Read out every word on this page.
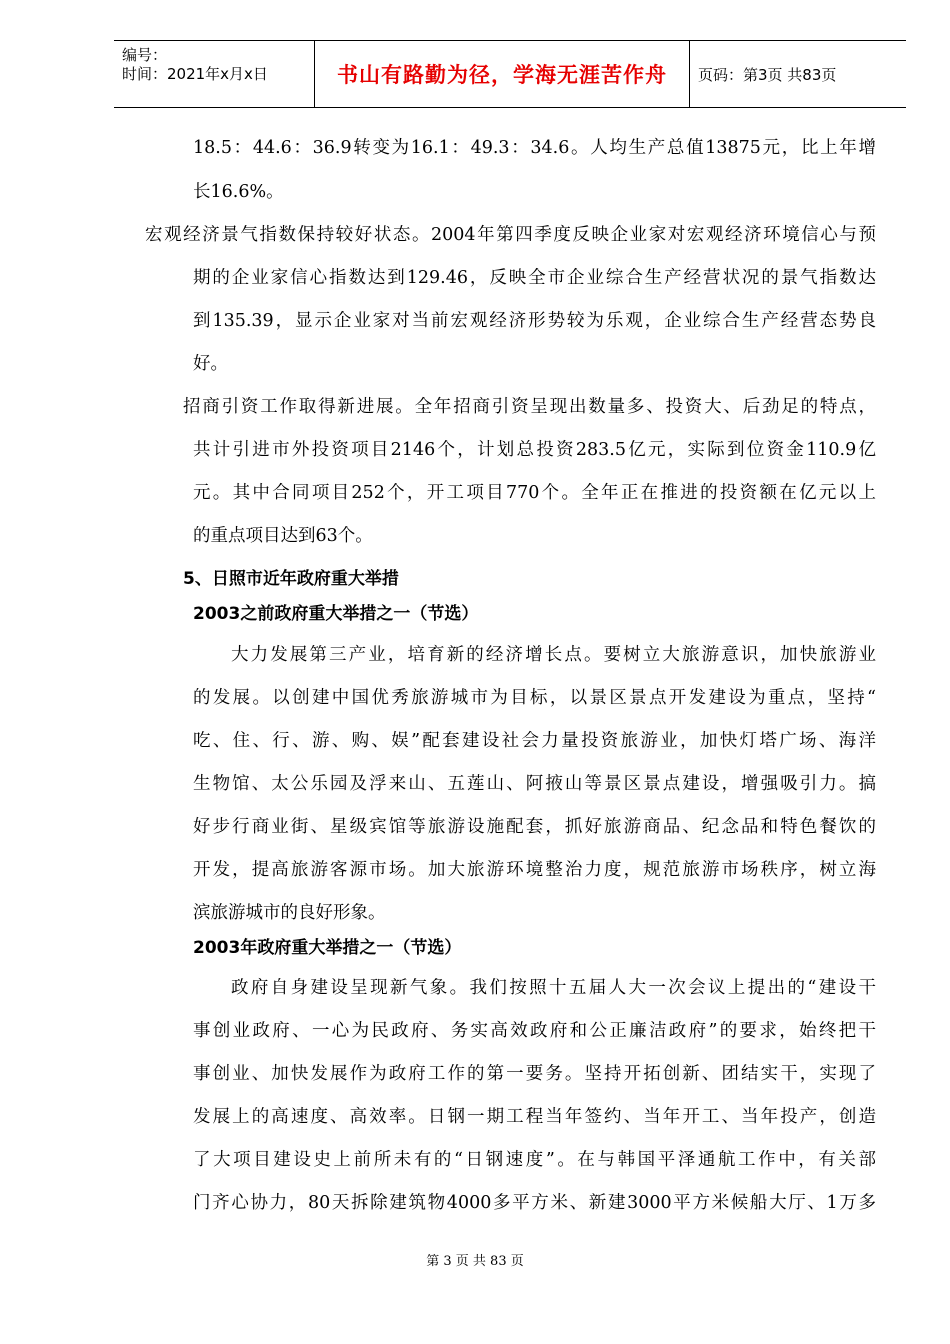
编号：
时间：2021年x月x日	书山有路勤为径，学海无涯苦作舟 页码：第3页 共83页
18.5：44.6：36.9转变为16.1：49.3：34.6。人均生产总值13875元，比上年增
长16.6%。
宏观经济景气指数保持较好状态。2004年第四季度反映企业家对宏观经济环境信心与预
期的企业家信心指数达到129.46，反映全市企业综合生产经营状况的景气指数达
到135.39，显示企业家对当前宏观经济形势较为乐观，企业综合生产经营态势良
好。
招商引资工作取得新进展。全年招商引资呈现出数量多、投资大、后劲足的特点，
共计引进市外投资项目2146个，计划总投资283.5亿元，实际到位资金110.9亿
元。其中合同项目252个，开工项目770个。全年正在推进的投资额在亿元以上
的重点项目达到63个。
5、日照市近年政府重大举措
2003之前政府重大举措之一（节选）
大力发展第三产业，培育新的经济增长点。要树立大旅游意识，加快旅游业
的发展。以创建中国优秀旅游城市为目标，以景区景点开发建设为重点，坚持“
吃、住、行、游、购、娱”配套建设社会力量投资旅游业，加快灯塔广场、海洋
生物馆、太公乐园及浮来山、五莲山、阿掖山等景区景点建设，增强吸引力。搞
好步行商业街、星级宾馆等旅游设施配套，抓好旅游商品、纪念品和特色餐饮的
开发，提高旅游客源市场。加大旅游环境整治力度，规范旅游市场秩序，树立海
滨旅游城市的良好形象。
2003年政府重大举措之一（节选）
政府自身建设呈现新气象。我们按照十五届人大一次会议上提出的“建设干
事创业政府、一心为民政府、务实高效政府和公正廉洁政府”的要求，始终把干
事创业、加快发展作为政府工作的第一要务。坚持开拓创新、团结实干，实现了
发展上的高速度、高效率。日钢一期工程当年签约、当年开工、当年投产，创造
了大项目建设史上前所未有的“日钢速度”。在与韩国平泽通航工作中，有关部
门齐心协力，80天拆除建筑物4000多平方米、新建3000平方米候船大厅、1万多
第 3 页 共 83 页
